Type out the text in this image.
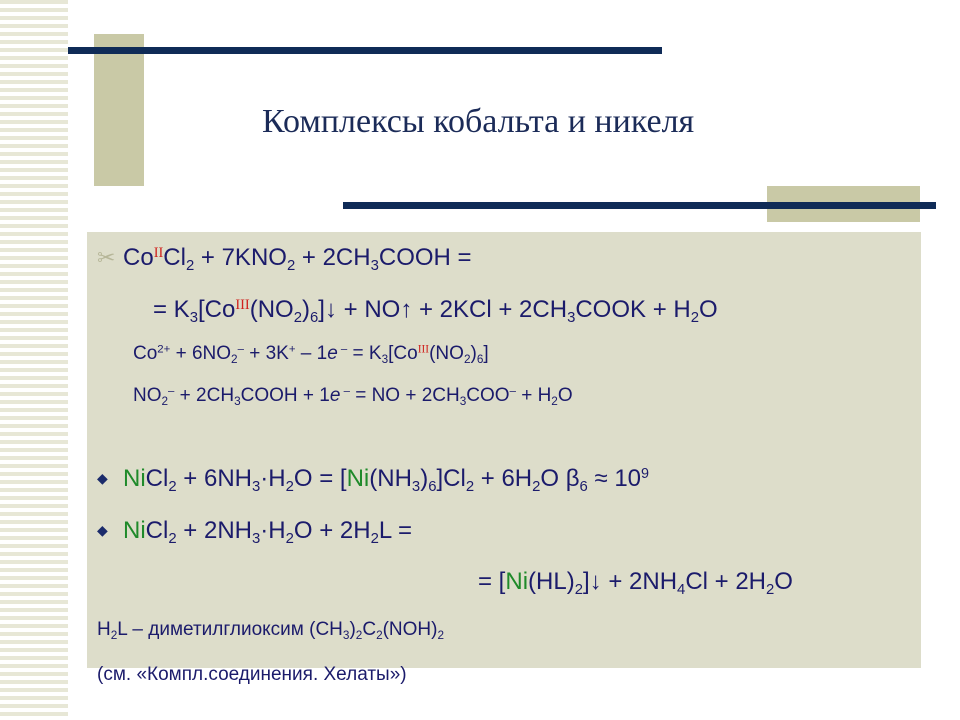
Комплексы кобальта и никеля
✂ $Co^{II}Cl_2 + 7KNO_2$ + $2CH_3COOH$ =
= $K_3[Co^{III}(NO_2)_6]↓$ + NO↑ + $2KCl + 2CH_3COOK + H_2O$
$Co^{2+} + 6NO_2^- + 3K^+ - 1e$ $^- = K_3[Co^{III}(NO_2)_6]$
$NO_2^-$ + $2CH_3COOH + 1e$ – = NO + $2CH_3COO^- + H_2O$
◆ NiCl$_2$ + $6NH_3\cdot H_2O = [Ni(NH_3)_6]Cl_2 + 6H_2O$ $\beta_6 \approx 10^9$
◆ NiCl$_2$ + $2NH_3\cdot H_2O + 2H_2L$ =
= $[Ni(HL)_2]↓ + 2NH_4Cl + 2H_2O$
$H_2L$ – диметилглиоксим $(CH_3)_2C_2(NOH)_2$
(см. «Компл.соединения. Хелаты»)
